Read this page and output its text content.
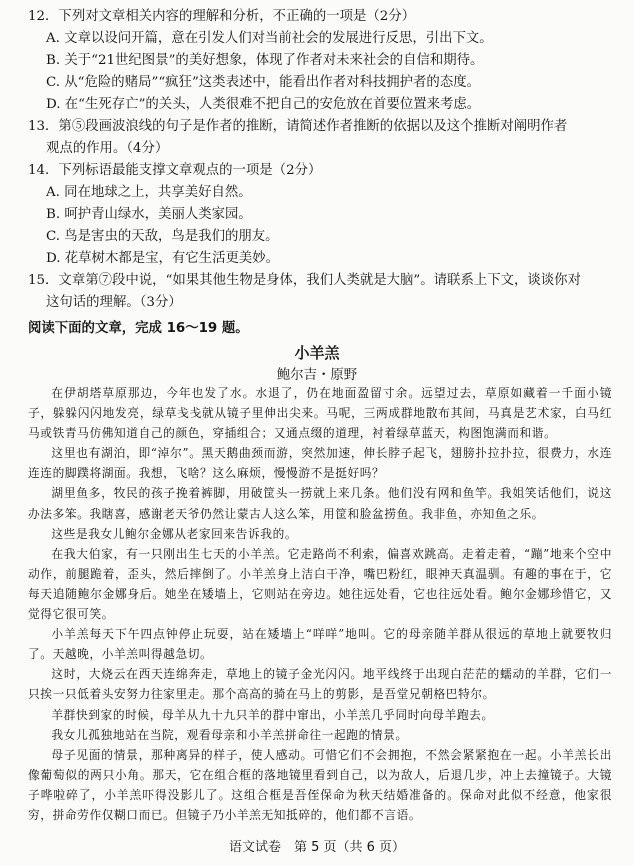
12．下列对文章相关内容的理解和分析，不正确的一项是（2分）
A. 文章以设问开篇，意在引发人们对当前社会的发展进行反思，引出下文。
B. 关于“21世纪图景”的美好想象，体现了作者对未来社会的自信和期待。
C. 从“危险的赌局”“疯狂”这类表述中，能看出作者对科技拥护者的态度。
D. 在“生死存亡”的关头，人类很难不把自己的安危放在首要位置来考虑。
13．第⑤段画波浪线的句子是作者的推断，请简述作者推断的依据以及这个推断对阐明作者
观点的作用。（4分）
14．下列标语最能支撑文章观点的一项是（2分）
A. 同在地球之上，共享美好自然。
B. 呵护青山绿水，美丽人类家园。
C. 鸟是害虫的天敌，鸟是我们的朋友。
D. 花草树木都是宝，有它生活更美妙。
15．文章第⑦段中说，“如果其他生物是身体，我们人类就是大脑”。请联系上下文，谈谈你对
这句话的理解。（3分）
阅读下面的文章，完成 16～19 题。
小羊羔
鲍尔吉・原野
语文试卷　第 5 页（共 6 页）
在伊胡塔草原那边，今年也发了水。水退了，仍在地面盈留寸余。远望过去，草原如藏着一千面小镜子，躲躲闪闪地发亮，绿草戋戋就从镜子里伸出尖来。马呢，三两成群地散布其间，马真是艺术家，白马红马或铁青马仿佛知道自己的颜色，穿插组合；又通点缀的道理，衬着绿草蓝天，构图饱满而和谐。
这里也有湖泊，即“淖尔”。黑天鹅曲颈而游，突然加速，伸长脖子起飞，翅膀扑拉扑拉，很费力，水连连连的脚蹼将湖面。我想，飞啥？这么麻烦，慢慢游不是挺好吗？
湖里鱼多，牧民的孩子挽着裤脚，用破筐头一捞就上来几条。他们没有网和鱼竿。我姐笑话他们，说这办法多笨。我瞎喜，感谢老天爷仍然让蒙古人这么笨，用筐和脸盆捞鱼。我非鱼，亦知鱼之乐。
这些是我女儿鲍尔金娜从老家回来告诉我的。
在我大伯家，有一只刚出生七天的小羊羔。它走路尚不利索，偏喜欢跳高。走着走着，“蹦”地来个空中动作，前腿跪着，歪头，然后摔倒了。小羊羔身上洁白干净，嘴巴粉红，眼神天真温驯。有趣的事在于，它每天追随鲍尔金娜身后。她坐在矮墙上，它则站在旁边。她往远处看，它也往远处看。鲍尔金娜珍惜它，又觉得它很可笑。
小羊羔每天下午四点钟停止玩耍，站在矮墙上“咩咩”地叫。它的母亲随羊群从很远的草地上就要牧归了。天越晚，小羊羔叫得越急切。
这时，大烧云在西天连绵奔走，草地上的镜子金光闪闪。地平线终于出现白茫茫的蠕动的羊群，它们一只挨一只低着头安努力往家里走。那个高高的骑在马上的剪影，是吾堂兄朝格巴特尔。
羊群快到家的时候，母羊从九十九只羊的群中窜出，小羊羔几乎同时向母羊跑去。
我女儿孤独地站在当院，观看母亲和小羊羔拼命往一起跑的情景。
母子见面的情景，那种离异的样子，使人感动。可惜它们不会拥抱，不然会紧紧抱在一起。小羊羔长出像葡萄似的两只小角。那天，它在组合框的落地镜里看到自己，以为敌人，后退几步，冲上去撞镜子。大镜子哗啦碎了，小羊羔吓得没影儿了。这组合框是吾侄保命为秋天结婚准备的。保命对此似不经意，他家很穷，拼命劳作仅糊口而已。但镜子乃小羊羔无知抵碎的，他们都不言语。
